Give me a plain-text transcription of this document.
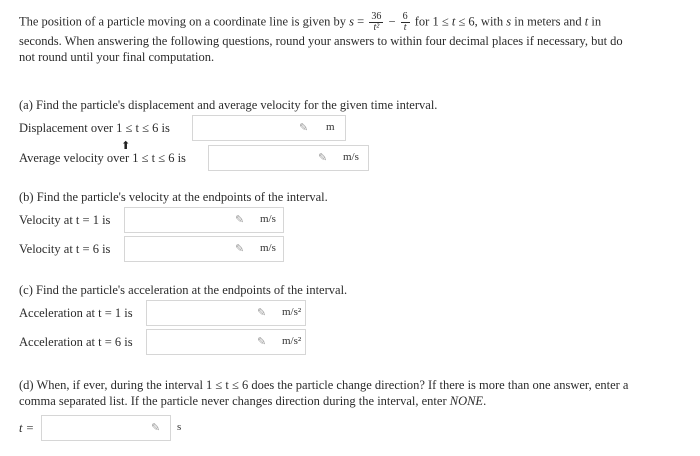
The position of a particle moving on a coordinate line is given by $s = \frac{36}{\text{t²}} - \frac{6}{t}$ for 1 ≤ t ≤ 6, with s in meters and t in
seconds. When answering the following questions, round your answers to within four decimal places if necessary, but do
not round until your final computation.
(a) Find the particle's displacement and average velocity for the given time interval.
Displacement over 1 ≤ t ≤ 6 is	✎ m
Average velocity over 1 ≤ t ≤ 6 is	✎ m/s
⬆
(b) Find the particle's velocity at the endpoints of the interval.
Velocity at t = 1 is	✎ m/s
Velocity at t = 6 is	✎ m/s
(c) Find the particle's acceleration at the endpoints of the interval.
Acceleration at t = 1 is	✎ m/s²
Acceleration at t = 6 is	✎ m/s²
(d) When, if ever, during the interval 1 ≤ t ≤ 6 does the particle change direction? If there is more than one answer, enter a
comma separated list. If the particle never changes direction during the interval, enter NONE.
t =	✎ s
